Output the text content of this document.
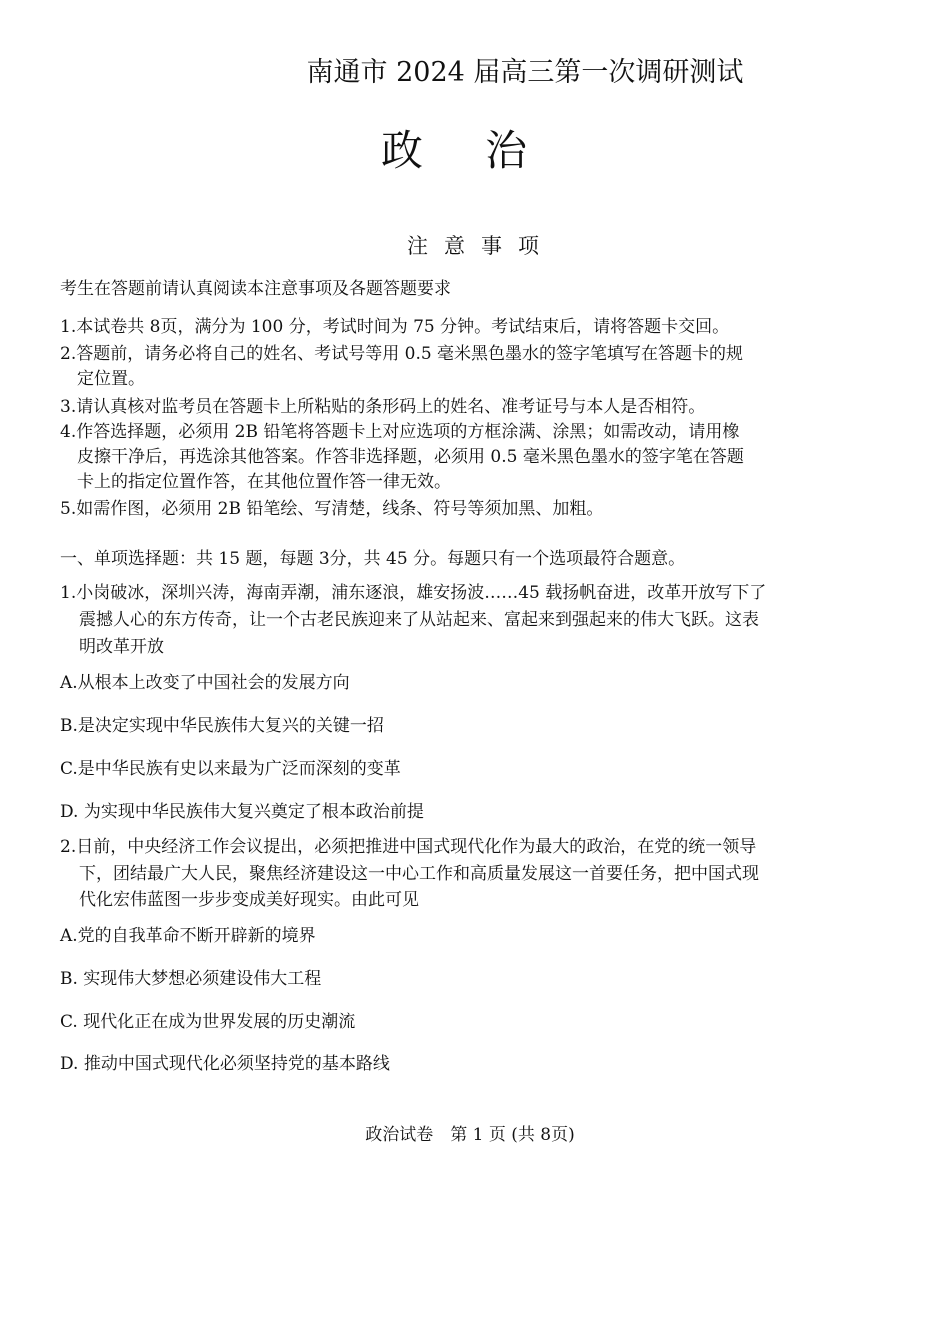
南通市 2024 届高三第一次调研测试
政治
注意事项
考生在答题前请认真阅读本注意事项及各题答题要求
1.本试卷共 8页，满分为 100 分，考试时间为 75 分钟。考试结束后，请将答题卡交回。
2.答题前，请务必将自己的姓名、考试号等用 0.5 毫米黑色墨水的签字笔填写在答题卡的规
定位置。
3.请认真核对监考员在答题卡上所粘贴的条形码上的姓名、准考证号与本人是否相符。
4.作答选择题，必须用 2B 铅笔将答题卡上对应选项的方框涂满、涂黑；如需改动，请用橡
皮擦干净后，再选涂其他答案。作答非选择题，必须用 0.5 毫米黑色墨水的签字笔在答题
卡上的指定位置作答，在其他位置作答一律无效。
5.如需作图，必须用 2B 铅笔绘、写清楚，线条、符号等须加黑、加粗。
一、单项选择题：共 15 题，每题 3分，共 45 分。每题只有一个选项最符合题意。
1.小岗破冰，深圳兴涛，海南弄潮，浦东逐浪，雄安扬波……45 载扬帆奋进，改革开放写下了
震撼人心的东方传奇，让一个古老民族迎来了从站起来、富起来到强起来的伟大飞跃。这表
明改革开放
A.从根本上改变了中国社会的发展方向
B.是决定实现中华民族伟大复兴的关键一招
C.是中华民族有史以来最为广泛而深刻的变革
D. 为实现中华民族伟大复兴奠定了根本政治前提
2.日前，中央经济工作会议提出，必须把推进中国式现代化作为最大的政治，在党的统一领导
下，团结最广大人民，聚焦经济建设这一中心工作和高质量发展这一首要任务，把中国式现
代化宏伟蓝图一步步变成美好现实。由此可见
A.党的自我革命不断开辟新的境界
B. 实现伟大梦想必须建设伟大工程
C. 现代化正在成为世界发展的历史潮流
D. 推动中国式现代化必须坚持党的基本路线
政治试卷　第 1 页 (共 8页)
